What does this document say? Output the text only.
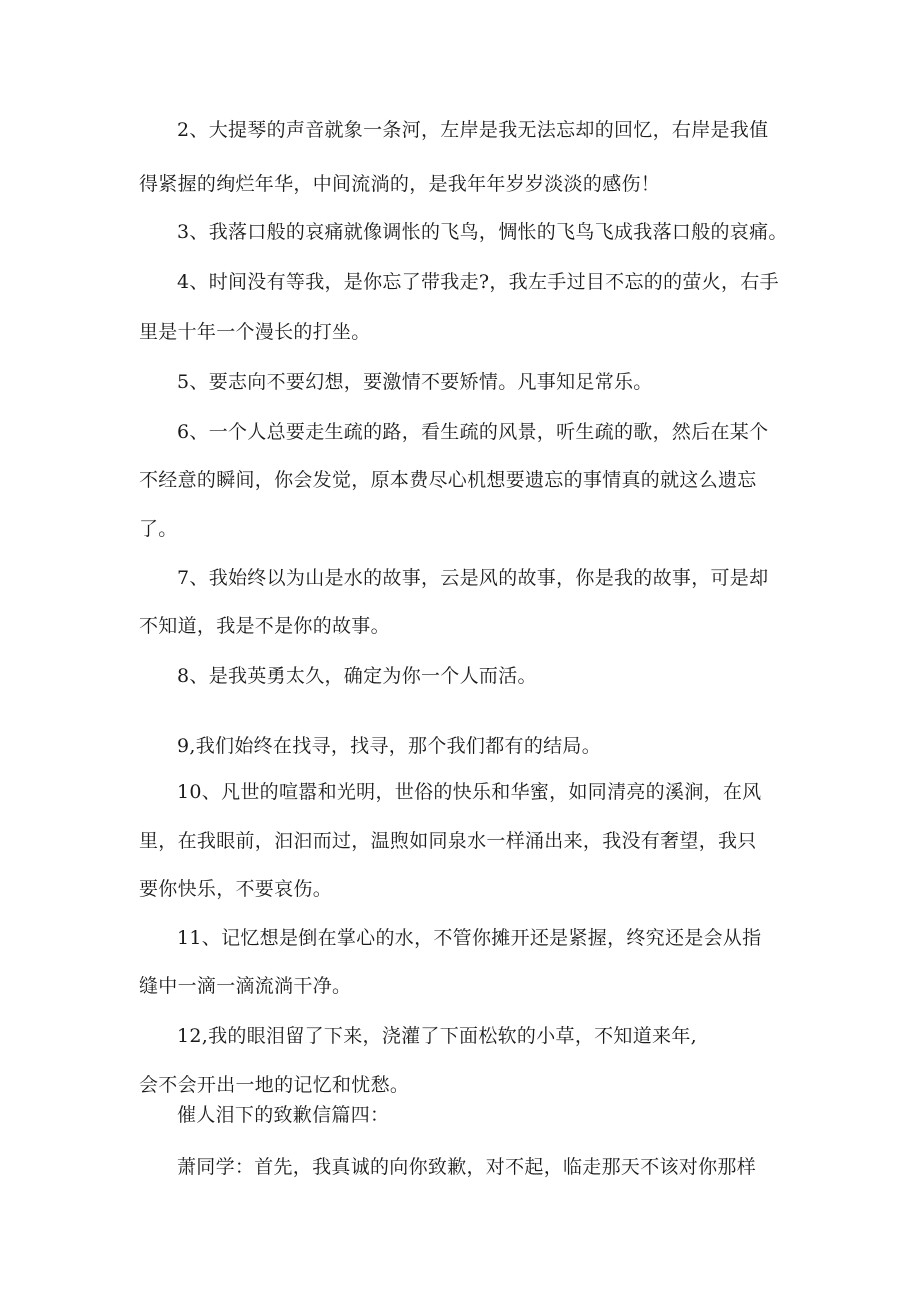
2、大提琴的声音就象一条河，左岸是我无法忘却的回忆，右岸是我值
得紧握的绚烂年华，中间流淌的，是我年年岁岁淡淡的感伤！
3、我落口般的哀痛就像调怅的飞鸟，惆怅的飞鸟飞成我落口般的哀痛。
4、时间没有等我，是你忘了带我走?，我左手过目不忘的的萤火，右手
里是十年一个漫长的打坐。
5、要志向不要幻想，要激情不要矫情。凡事知足常乐。
6、一个人总要走生疏的路，看生疏的风景，听生疏的歌，然后在某个
不经意的瞬间，你会发觉，原本费尽心机想要遗忘的事情真的就这么遗忘
了。
7、我始终以为山是水的故事，云是风的故事，你是我的故事，可是却
不知道，我是不是你的故事。
8、是我英勇太久，确定为你一个人而活。
9,我们始终在找寻，找寻，那个我们都有的结局。
10、凡世的喧嚣和光明，世俗的快乐和华蜜，如同清亮的溪涧，在风
里，在我眼前，汩汩而过，温煦如同泉水一样涌出来，我没有奢望，我只
要你快乐，不要哀伤。
11、记忆想是倒在掌心的水，不管你摊开还是紧握，终究还是会从指
缝中一滴一滴流淌干净。
12,我的眼泪留了下来，浇灌了下面松软的小草，不知道来年,
会不会开出一地的记忆和忧愁。
催人泪下的致歉信篇四：
萧同学：首先，我真诚的向你致歉，对不起，临走那天不该对你那样
